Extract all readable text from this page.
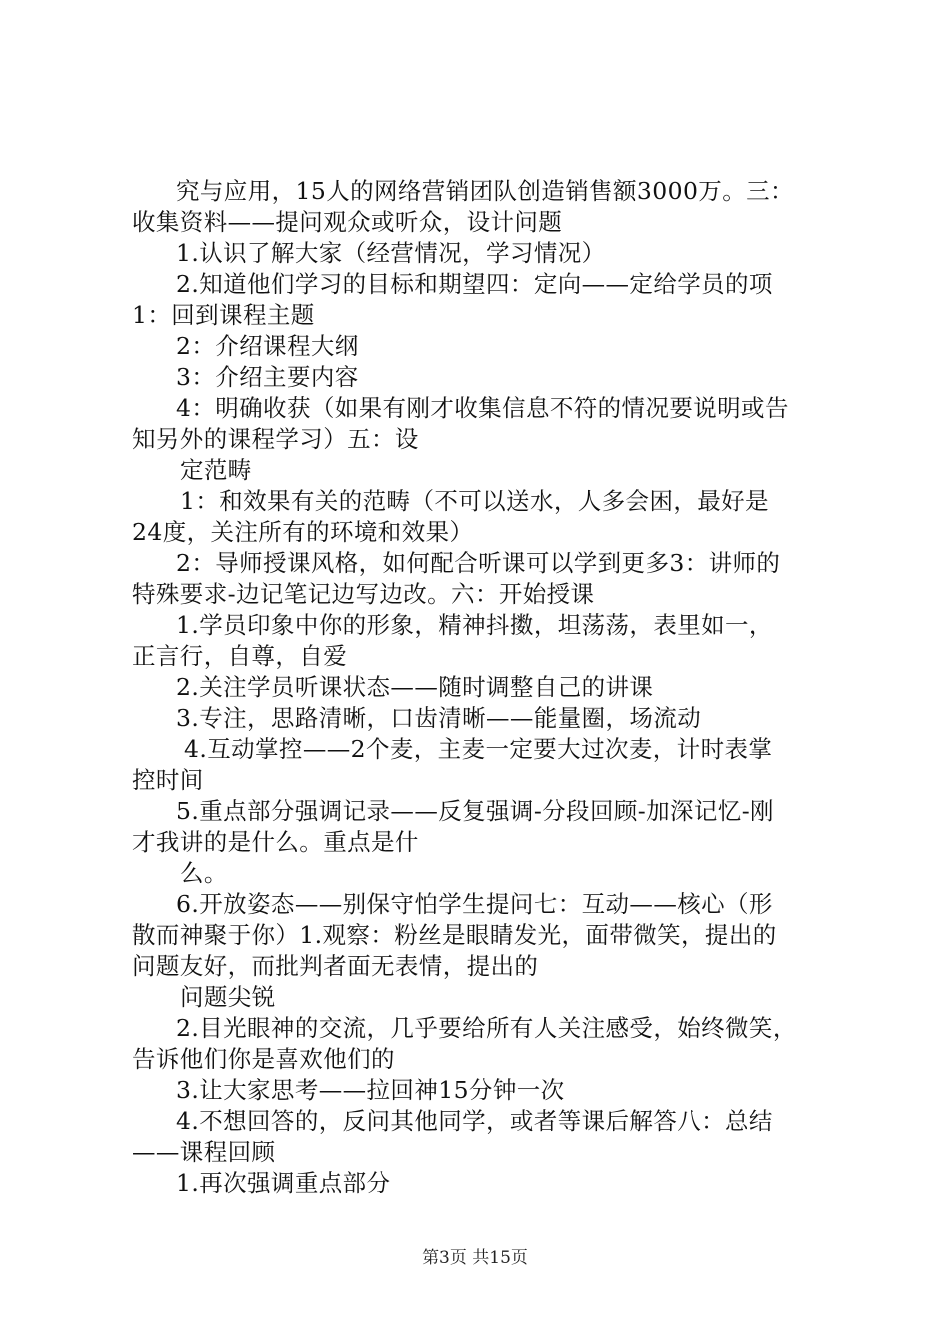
究与应用，15人的网络营销团队创造销售额3000万。三：
收集资料——提问观众或听众，设计问题
1.认识了解大家（经营情况，学习情况）
2.知道他们学习的目标和期望四：定向——定给学员的项
1：回到课程主题
2：介绍课程大纲
3：介绍主要内容
4：明确收获（如果有刚才收集信息不符的情况要说明或告
知另外的课程学习）五：设
定范畴
1：和效果有关的范畴（不可以送水，人多会困，最好是
24度，关注所有的环境和效果）
2：导师授课风格，如何配合听课可以学到更多3：讲师的
特殊要求-边记笔记边写边改。六：开始授课
1.学员印象中你的形象，精神抖擞，坦荡荡，表里如一，
正言行，自尊，自爱
2.关注学员听课状态——随时调整自己的讲课
3.专注，思路清晰，口齿清晰——能量圈，场流动
4.互动掌控——2个麦，主麦一定要大过次麦，计时表掌
控时间
5.重点部分强调记录——反复强调-分段回顾-加深记忆-刚
才我讲的是什么。重点是什
么。
6.开放姿态——别保守怕学生提问七：互动——核心（形
散而神聚于你）1.观察：粉丝是眼睛发光，面带微笑，提出的
问题友好，而批判者面无表情，提出的
问题尖锐
2.目光眼神的交流，几乎要给所有人关注感受，始终微笑，
告诉他们你是喜欢他们的
3.让大家思考——拉回神15分钟一次
4.不想回答的，反问其他同学，或者等课后解答八：总结
——课程回顾
1.再次强调重点部分
第3页 共15页
